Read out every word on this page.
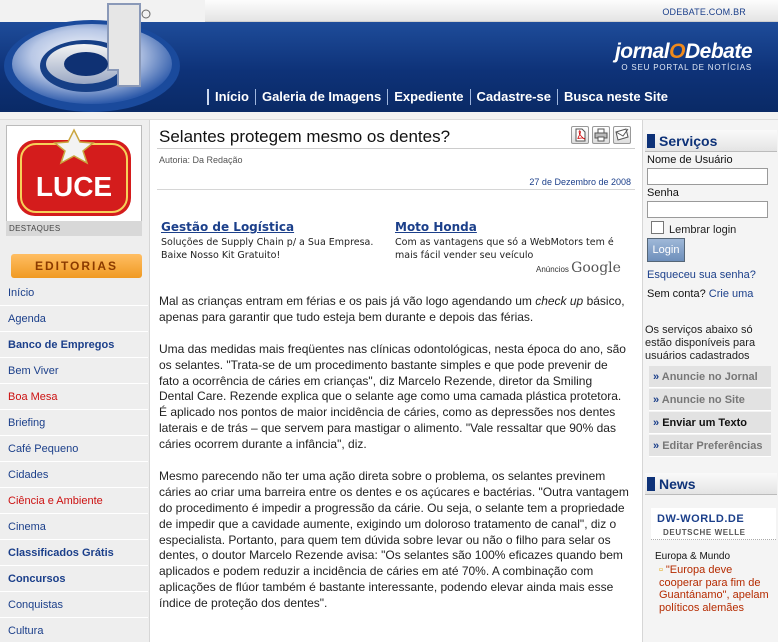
ODEBATE.COM.BR
jornalODebate
O SEU PORTAL DE NOTÍCIAS
Início	Galeria de Imagens	Expediente	Cadastre-se	Busca neste Site
LUCE
DESTAQUES
EDITORIAS
Início
Agenda
Banco de Empregos
Bem Viver
Boa Mesa
Briefing
Café Pequeno
Cidades
Ciência e Ambiente
Cinema
Classificados Grátis
Concursos
Conquistas
Cultura
Selantes protegem mesmo os dentes?
Autoria: Da Redação
27 de Dezembro de 2008
Gestão de Logística
Soluções de Supply Chain p/ a Sua Empresa. Baixe Nosso Kit Gratuito!
Moto Honda
Com as vantagens que só a WebMotors tem é mais fácil vender seu veículo
Anúncios Google

Mal as crianças entram em férias e os pais já vão logo agendando um check up básico, apenas para garantir que tudo esteja bem durante e depois das férias.

Uma das medidas mais freqüentes nas clínicas odontológicas, nesta época do ano, são os selantes. "Trata-se de um procedimento bastante simples e que pode prevenir de fato a ocorrência de cáries em crianças", diz Marcelo Rezende, diretor da Smiling Dental Care. Rezende explica que o selante age como uma camada plástica protetora. É aplicado nos pontos de maior incidência de cáries, como as depressões nos dentes laterais e de trás – que servem para mastigar o alimento. "Vale ressaltar que 90% das cáries ocorrem durante a infância", diz.

Mesmo parecendo não ter uma ação direta sobre o problema, os selantes previnem cáries ao criar uma barreira entre os dentes e os açúcares e bactérias. "Outra vantagem do procedimento é impedir a progressão da cárie. Ou seja, o selante tem a propriedade de impedir que a cavidade aumente, exigindo um doloroso tratamento de canal", diz o especialista. Portanto, para quem tem dúvida sobre levar ou não o filho para selar os dentes, o doutor Marcelo Rezende avisa: "Os selantes são 100% eficazes quando bem aplicados e podem reduzir a incidência de cáries em até 70%. A combinação com aplicações de flúor também é bastante interessante, podendo elevar ainda mais esse índice de proteção dos dentes".

Serviços
Nome de Usuário
Senha
Lembrar login
Login
Esqueceu sua senha?
Sem conta? Crie uma
Os serviços abaixo só estão disponíveis para usuários cadastrados
» Anuncie no Jornal
» Anuncie no Site
» Enviar um Texto
» Editar Preferências
News
DW-WORLD.DE
DEUTSCHE WELLE
Europa & Mundo
▫ "Europa deve cooperar para fim de Guantánamo", apelam políticos alemães
